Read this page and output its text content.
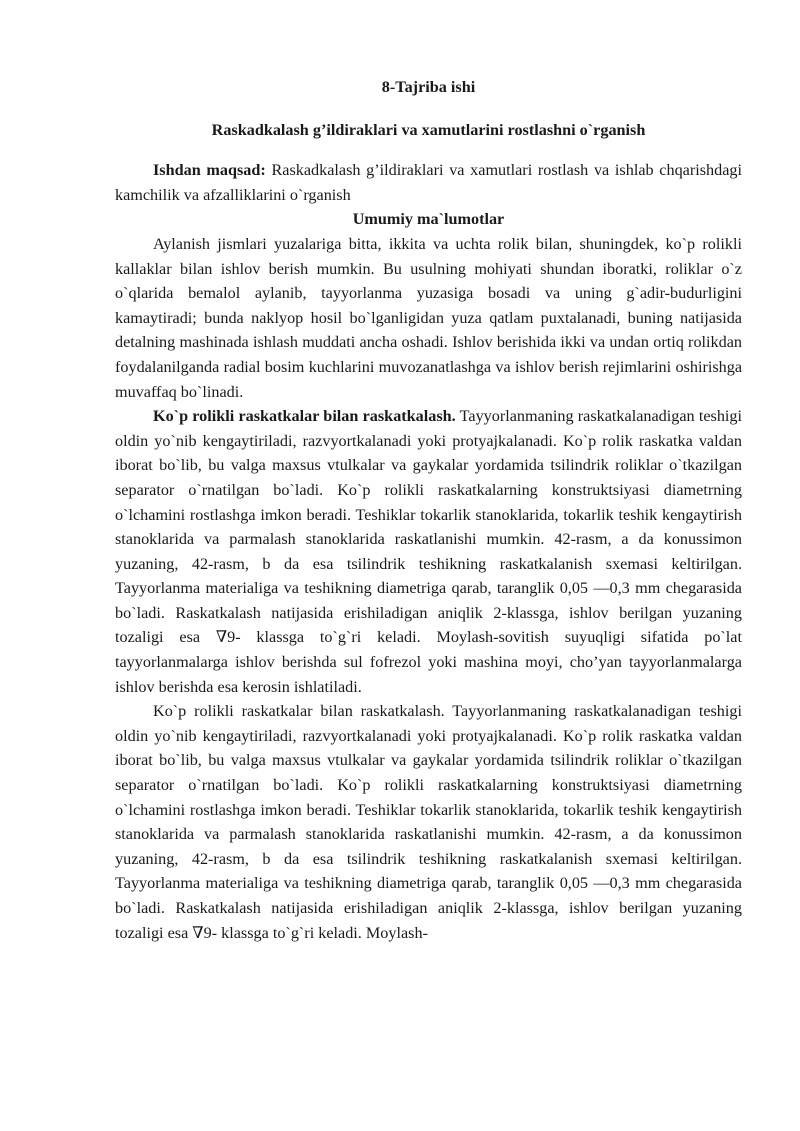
8-Tajriba ishi

Raskadkalash g’ildiraklari va xamutlarini rostlashni o`rganish

Ishdan maqsad: Raskadkalash g’ildiraklari va xamutlari rostlash va ishlab chqarishdagi kamchilik va afzalliklarini o`rganish

Umumiy ma`lumotlar

Aylanish jismlari yuzalariga bitta, ikkita va uchta rolik bilan, shuningdek, ko`p rolikli kallaklar bilan ishlov berish mumkin. Bu usulning mohiyati shundan iboratki, roliklar o`z o`qlarida bemalol aylanib, tayyorlanma yuzasiga bosadi va uning g`adir-budurligini kamaytiradi; bunda naklyop hosil bo`lganligidan yuza qatlam puxtalanadi, buning natijasida detalning mashinada ishlash muddati ancha oshadi. Ishlov berishida ikki va undan ortiq rolikdan foydalanilganda radial bosim kuchlarini muvozanatlashga va ishlov berish rejimlarini oshirishga muvaffaq bo`linadi.

Ko`p rolikli raskatkalar bilan raskatkalash. Tayyorlanmaning raskatkalanadigan teshigi oldin yo`nib kengaytiriladi, razvyortkalanadi yoki protyajkalanadi. Ko`p rolik raskatka valdan iborat bo`lib, bu valga maxsus vtulkalar va gaykalar yordamida tsilindrik roliklar o`tkazilgan separator o`rnatilgan bo`ladi. Ko`p rolikli raskatkalarning konstruktsiyasi diametrning o`lchamini rostlashga imkon beradi. Teshiklar tokarlik stanoklarida, tokarlik teshik kengaytirish stanoklarida va parmalash stanoklarida raskatlanishi mumkin. 42-rasm, a da konussimon yuzaning, 42-rasm, b da esa tsilindrik teshikning raskatkalanish sxemasi keltirilgan. Tayyorlanma materialiga va teshikning diametriga qarab, taranglik 0,05 —0,3 mm chegarasida bo`ladi. Raskatkalash natijasida erishiladigan aniqlik 2-klassga, ishlov berilgan yuzaning tozaligi esa ∇9- klassga to`g`ri keladi. Moylash-sovitish suyuqligi sifatida po`lat tayyorlanmalarga ishlov berishda sul fofrezol yoki mashina moyi, cho’yan tayyorlanmalarga ishlov berishda esa kerosin ishlatiladi.

Ko`p rolikli raskatkalar bilan raskatkalash. Tayyorlanmaning raskatkalanadigan teshigi oldin yo`nib kengaytiriladi, razvyortkalanadi yoki protyajkalanadi. Ko`p rolik raskatka valdan iborat bo`lib, bu valga maxsus vtulkalar va gaykalar yordamida tsilindrik roliklar o`tkazilgan separator o`rnatilgan bo`ladi. Ko`p rolikli raskatkalarning konstruktsiyasi diametrning o`lchamini rostlashga imkon beradi. Teshiklar tokarlik stanoklarida, tokarlik teshik kengaytirish stanoklarida va parmalash stanoklarida raskatlanishi mumkin. 42-rasm, a da konussimon yuzaning, 42-rasm, b da esa tsilindrik teshikning raskatkalanish sxemasi keltirilgan. Tayyorlanma materialiga va teshikning diametriga qarab, taranglik 0,05 —0,3 mm chegarasida bo`ladi. Raskatkalash natijasida erishiladigan aniqlik 2-klassga, ishlov berilgan yuzaning tozaligi esa ∇9- klassga to`g`ri keladi. Moylash-
